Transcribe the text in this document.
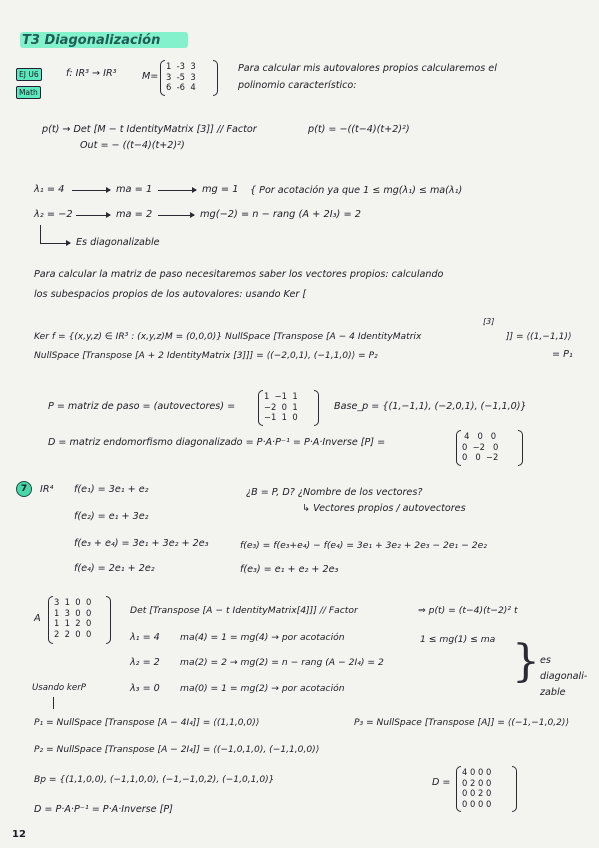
T3 Diagonalización
EJ U6
Math
f: IR³ → IR³	M=
1  -3  3
3  -5  3
6  -6  4
Para calcular mis autovalores propios calcularemos el
polinomio característico:
p(t) → Det [M − t IdentityMatrix [3]] // Factor	p(t) = −((t−4)(t+2)²)
Out = − ((t−4)(t+2)²)
λ₁ = 4	ma = 1	mg = 1 { Por acotación ya que 1 ≤ mg(λ₁) ≤ ma(λ₁)
λ₂ = −2	ma = 2	mg(−2) = n − rang (A + 2I₃) = 2
Es diagonalizable
Para calcular la matriz de paso necesitaremos saber los vectores propios: calculando
los subespacios propios de los autovalores: usando Ker [
[3]
Ker f = {(x,y,z) ∈ IR³ : (x,y,z)M = (0,0,0)} NullSpace [Transpose [A − 4 IdentityMatrix	]] = ⟨(1,−1,1)⟩
= P₁
NullSpace [Transpose [A + 2 IdentityMatrix [3]]] = ⟨(−2,0,1), (−1,1,0)⟩ = P₂
P = matriz de paso = (autovectores) =
1  −1  1
−2  0  1
−1  1  0
Base_p = {(1,−1,1), (−2,0,1), (−1,1,0)}
D = matriz endomorfismo diagonalizado = P·A·P⁻¹ = P·A·Inverse [P] =
4   0   0
0  −2   0
0   0  −2
7	IR⁴ f(e₁) = 3e₁ + e₂
f(e₂) = e₁ + 3e₂
f(e₃ + e₄) = 3e₁ + 3e₂ + 2e₃
f(e₄) = 2e₁ + 2e₂
¿B = P, D? ¿Nombre de los vectores?
↳ Vectores propios / autovectores
f(e₃) = f(e₃+e₄) − f(e₄) = 3e₁ + 3e₂ + 2e₃ − 2e₁ − 2e₂
f(e₃) = e₁ + e₂ + 2e₃
A
3  1  0  0
1  3  0  0
1  1  2  0
2  2  0  0
Det [Transpose [A − t IdentityMatrix[4]]] // Factor	⇒ p(t) = (t−4)(t−2)² t
λ₁ = 4 ma(4) = 1 = mg(4) → por acotación	1 ≤ mg(1) ≤ ma
λ₂ = 2 ma(2) = 2 → mg(2) = n − rang (A − 2I₄) = 2
λ₃ = 0 ma(0) = 1 = mg(2) → por acotación
} es
diagonali-
zable
Usando kerP
P₁ = NullSpace [Transpose [A − 4I₄]] = ⟨(1,1,0,0)⟩	P₃ = NullSpace [Transpose [A]] = ⟨(−1,−1,0,2)⟩
P₂ = NullSpace [Transpose [A − 2I₄]] = ⟨(−1,0,1,0), (−1,1,0,0)⟩
Bp = {(1,1,0,0), (−1,1,0,0), (−1,−1,0,2), (−1,0,1,0)}	D =
4 0 0 0
0 2 0 0
0 0 2 0
0 0 0 0
D = P·A·P⁻¹ = P·A·Inverse [P]
12
